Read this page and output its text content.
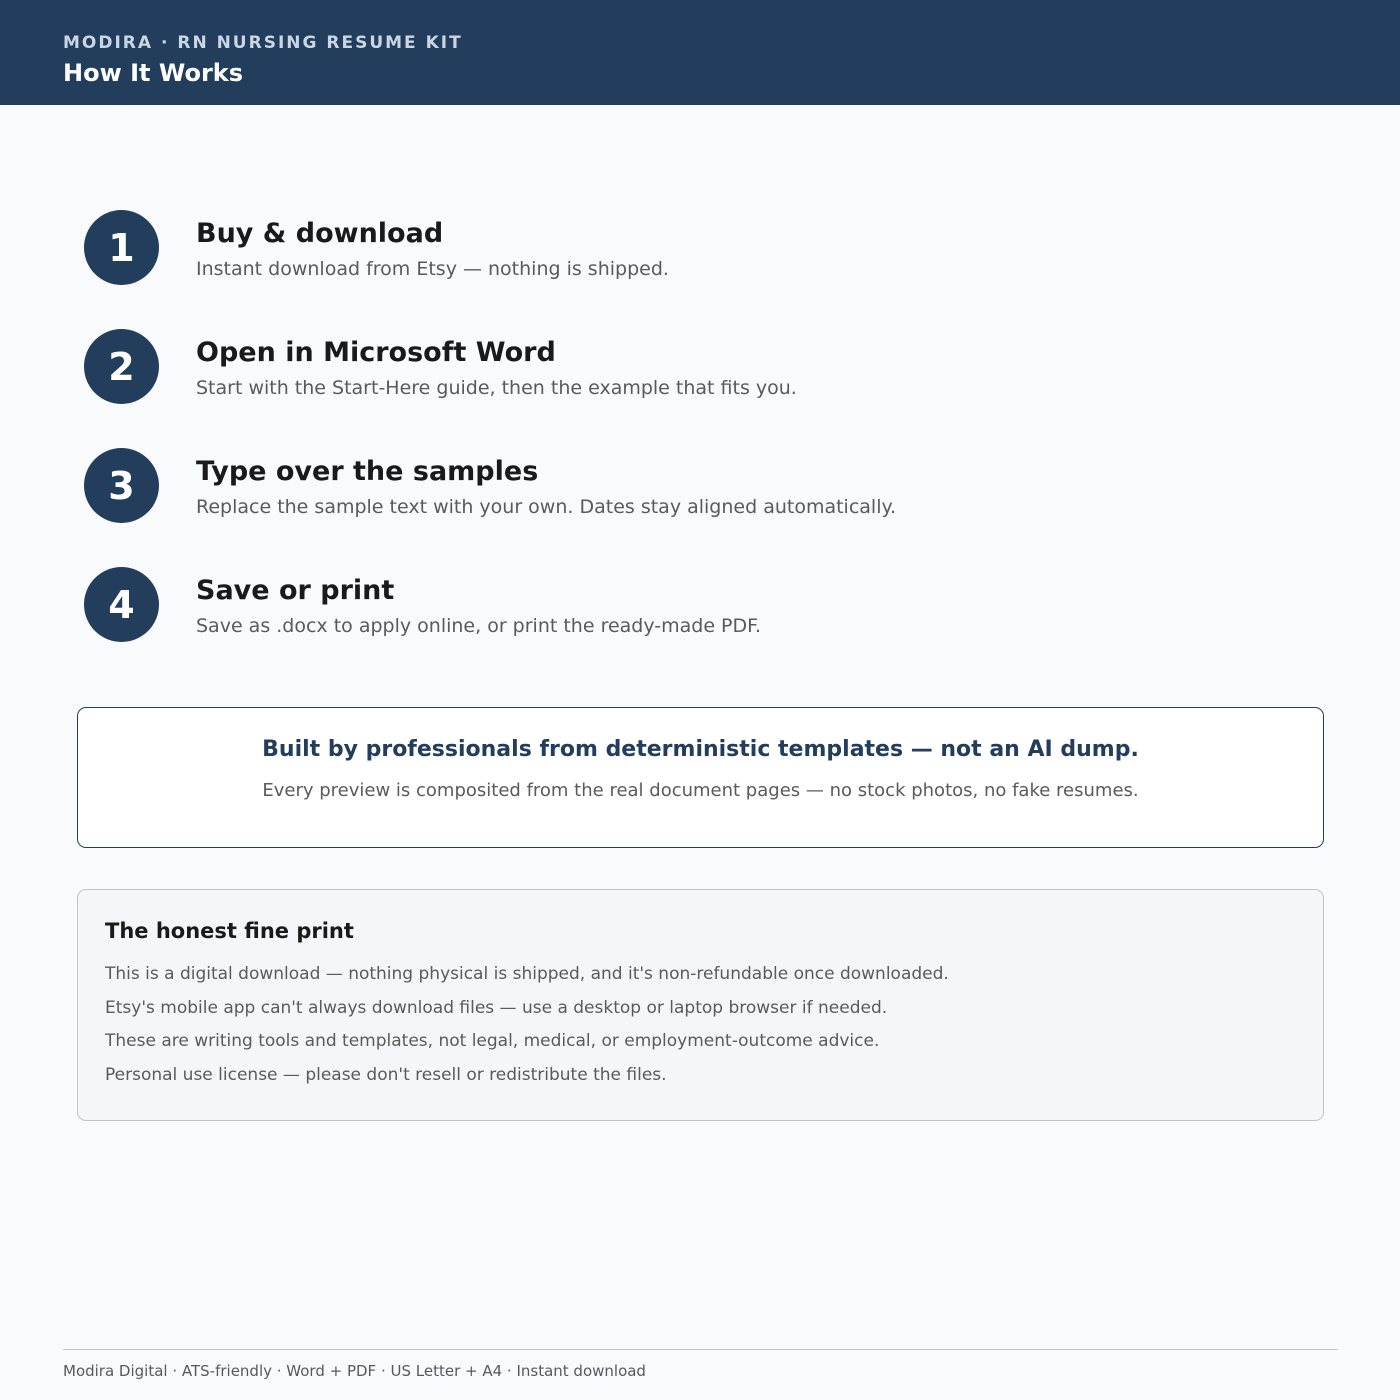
MODIRA · RN NURSING RESUME KIT
How It Works
1	Buy & download
Instant download from Etsy — nothing is shipped.
2	Open in Microsoft Word
Start with the Start-Here guide, then the example that fits you.
3	Type over the samples
Replace the sample text with your own. Dates stay aligned automatically.
4	Save or print
Save as .docx to apply online, or print the ready-made PDF.
Built by professionals from deterministic templates — not an AI dump.
Every preview is composited from the real document pages — no stock photos, no fake resumes.
The honest fine print
This is a digital download — nothing physical is shipped, and it's non-refundable once downloaded.
Etsy's mobile app can't always download files — use a desktop or laptop browser if needed.
These are writing tools and templates, not legal, medical, or employment-outcome advice.
Personal use license — please don't resell or redistribute the files.
Modira Digital · ATS-friendly · Word + PDF · US Letter + A4 · Instant download
